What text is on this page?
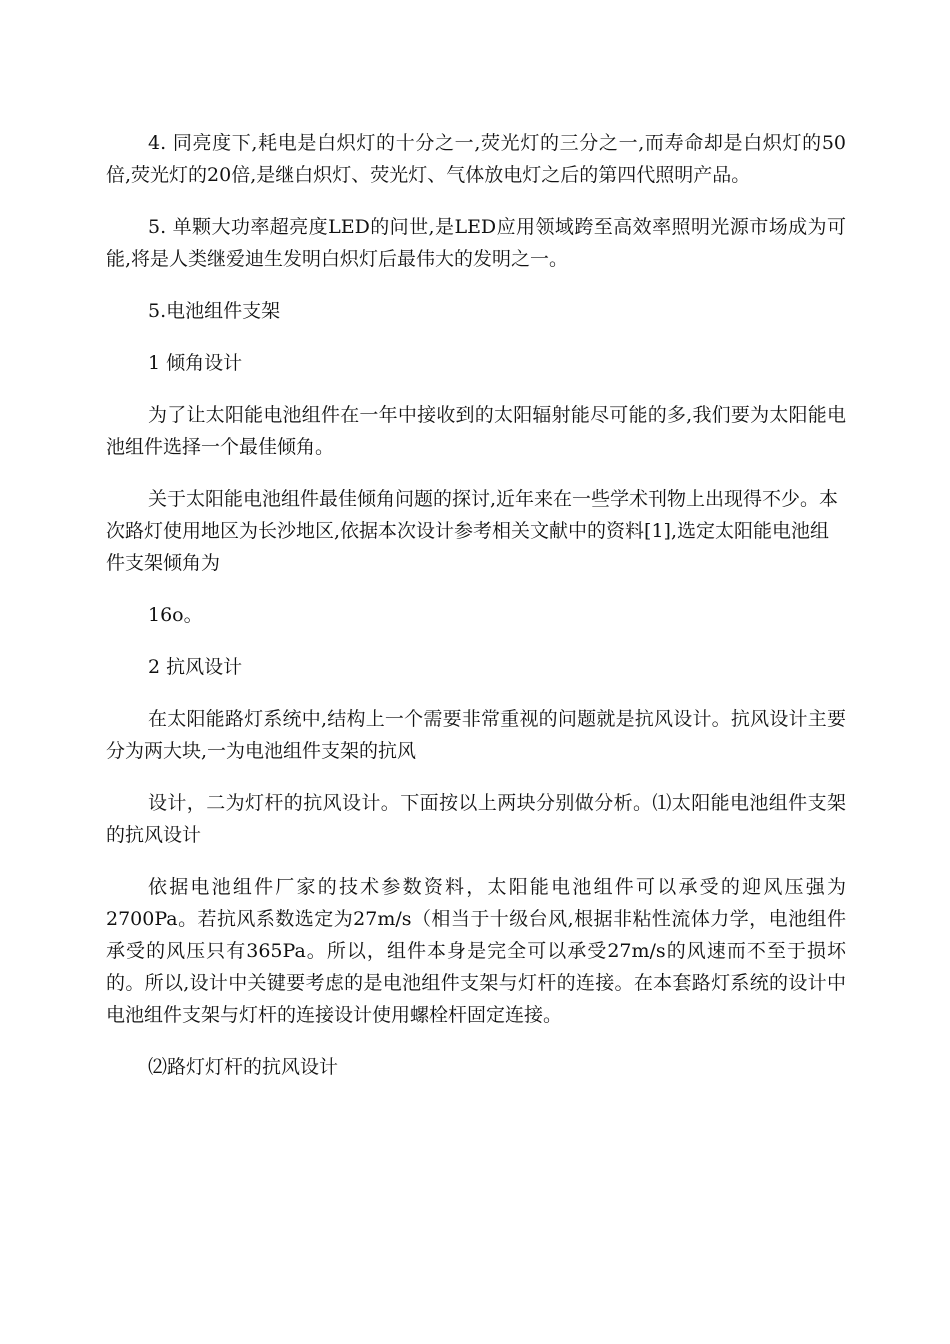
4. 同亮度下,耗电是白炽灯的十分之一,荧光灯的三分之一,而寿命却是白炽灯的50倍,荧光灯的20倍,是继白炽灯、荧光灯、气体放电灯之后的第四代照明产品。

5. 单颗大功率超亮度LED的问世,是LED应用领域跨至高效率照明光源市场成为可能,将是人类继爱迪生发明白炽灯后最伟大的发明之一。

5.电池组件支架

1 倾角设计

为了让太阳能电池组件在一年中接收到的太阳辐射能尽可能的多,我们要为太阳能电池组件选择一个最佳倾角。

关于太阳能电池组件最佳倾角问题的探讨,近年来在一些学术刊物上出现得不少。本次路灯使用地区为长沙地区,依据本次设计参考相关文献中的资料[1],选定太阳能电池组件支架倾角为

16o。

2 抗风设计

在太阳能路灯系统中,结构上一个需要非常重视的问题就是抗风设计。抗风设计主要分为两大块,一为电池组件支架的抗风

设计，二为灯杆的抗风设计。下面按以上两块分别做分析。⑴太阳能电池组件支架的抗风设计

依据电池组件厂家的技术参数资料，太阳能电池组件可以承受的迎风压强为2700Pa。若抗风系数选定为27m/s（相当于十级台风,根据非粘性流体力学，电池组件承受的风压只有365Pa。所以，组件本身是完全可以承受27m/s的风速而不至于损坏的。所以,设计中关键要考虑的是电池组件支架与灯杆的连接。在本套路灯系统的设计中电池组件支架与灯杆的连接设计使用螺栓杆固定连接。

⑵路灯灯杆的抗风设计
